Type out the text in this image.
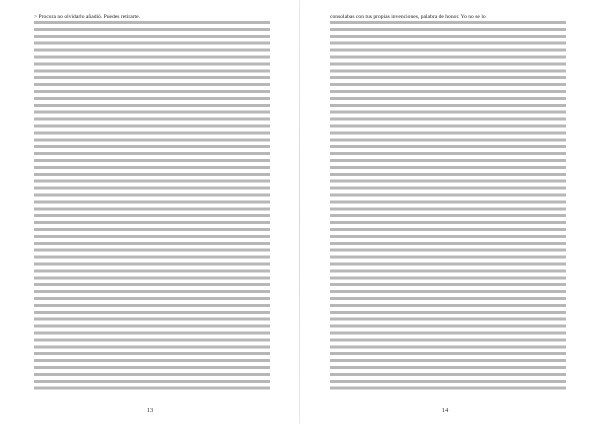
> Procura no olvidarlo añadió. Puedes retirarte.
13
consolabas con tus propias invenciones, palabra de honor. Yo no se lo
14
